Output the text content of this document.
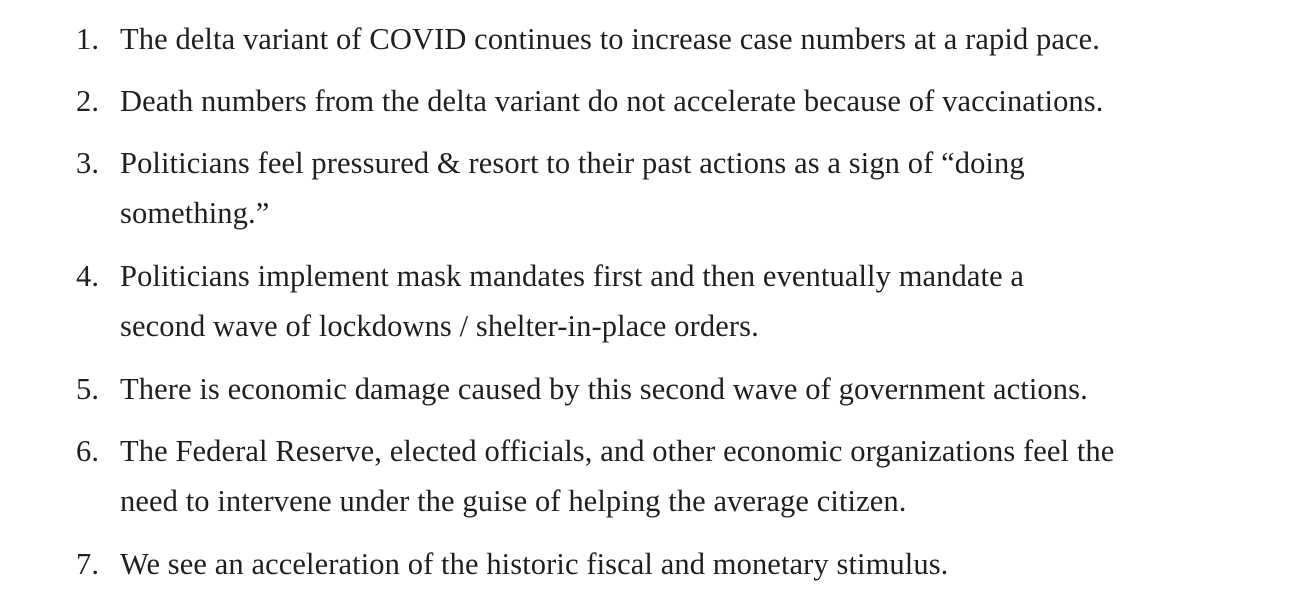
1. The delta variant of COVID continues to increase case numbers at a rapid pace.
2. Death numbers from the delta variant do not accelerate because of vaccinations.
3. Politicians feel pressured & resort to their past actions as a sign of “doing
something.”
4. Politicians implement mask mandates first and then eventually mandate a
second wave of lockdowns / shelter-in-place orders.
5. There is economic damage caused by this second wave of government actions.
6. The Federal Reserve, elected officials, and other economic organizations feel the
need to intervene under the guise of helping the average citizen.
7. We see an acceleration of the historic fiscal and monetary stimulus.
